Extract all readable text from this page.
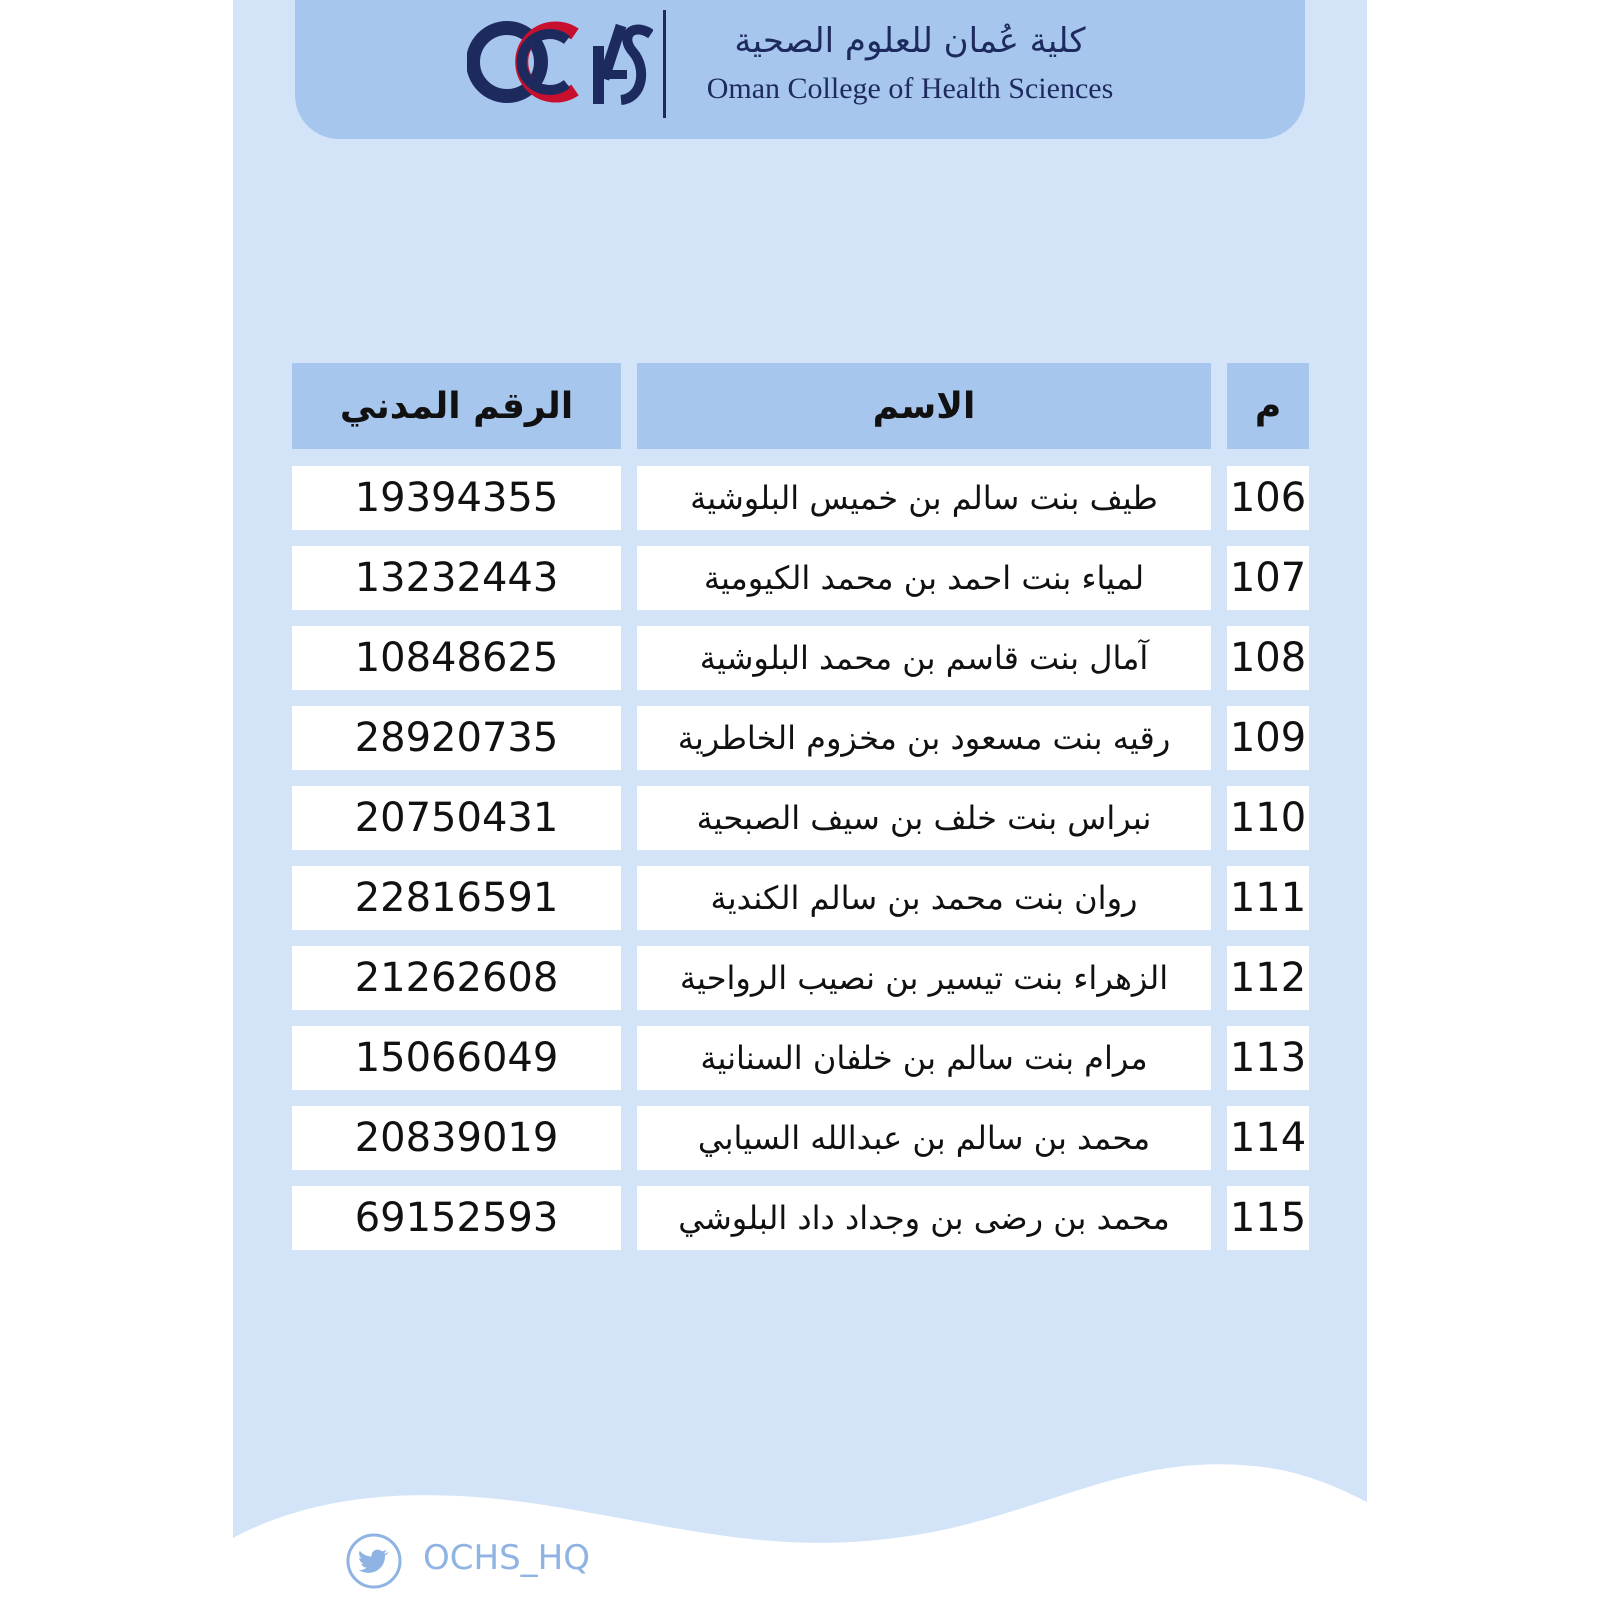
كلية عُمان للعلوم الصحية
Oman College of Health Sciences
الرقم المدني	الاسم	م
19394355	طيف بنت سالم بن خميس البلوشية	106
13232443	لمياء بنت احمد بن محمد الكيومية	107
10848625	آمال بنت قاسم بن محمد البلوشية	108
28920735	رقيه بنت مسعود بن مخزوم الخاطرية	109
20750431	نبراس بنت خلف بن سيف الصبحية	110
22816591	روان بنت محمد بن سالم الكندية	111
21262608	الزهراء بنت تيسير بن نصيب الرواحية	112
15066049	مرام بنت سالم بن خلفان السنانية	113
20839019	محمد بن سالم بن عبدالله السيابي	114
69152593	محمد بن رضى بن وجداد داد البلوشي	115
OCHS_HQ
